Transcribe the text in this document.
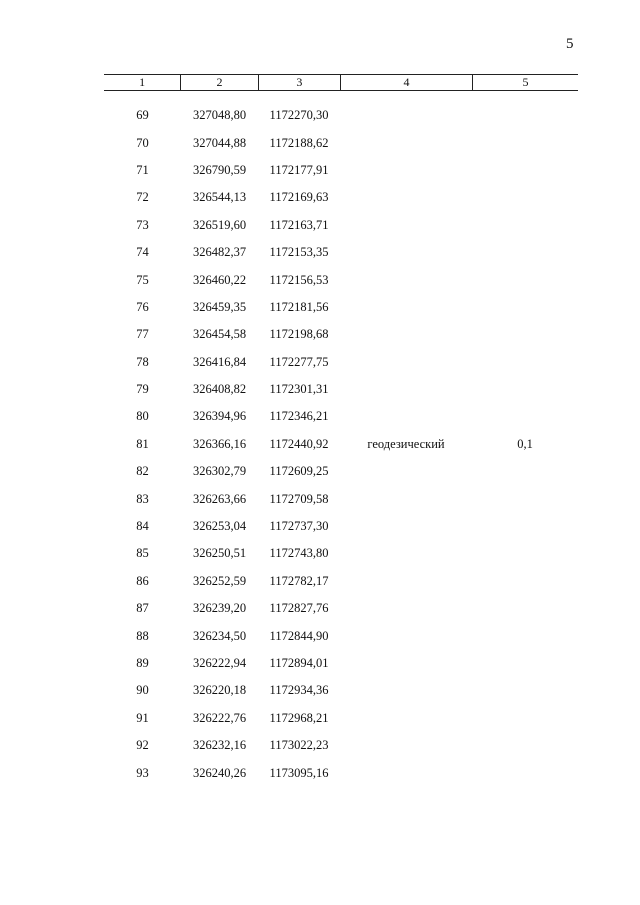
5
1	2	3	4	5
69	327048,80	1172270,30
70	327044,88	1172188,62
71	326790,59	1172177,91
72	326544,13	1172169,63
73	326519,60	1172163,71
74	326482,37	1172153,35
75	326460,22	1172156,53
76	326459,35	1172181,56
77	326454,58	1172198,68
78	326416,84	1172277,75
79	326408,82	1172301,31
80	326394,96	1172346,21
81	326366,16	1172440,92	геодезический	0,1
82	326302,79	1172609,25
83	326263,66	1172709,58
84	326253,04	1172737,30
85	326250,51	1172743,80
86	326252,59	1172782,17
87	326239,20	1172827,76
88	326234,50	1172844,90
89	326222,94	1172894,01
90	326220,18	1172934,36
91	326222,76	1172968,21
92	326232,16	1173022,23
93	326240,26	1173095,16
